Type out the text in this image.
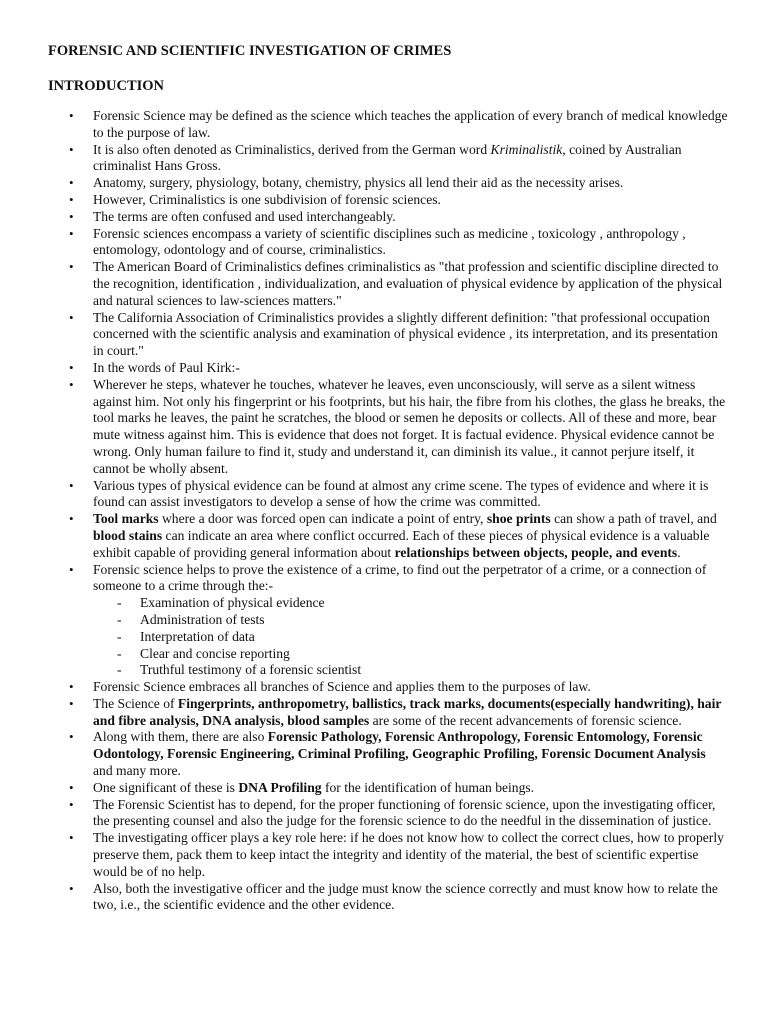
FORENSIC AND SCIENTIFIC INVESTIGATION OF CRIMES
INTRODUCTION
• Forensic Science may be defined as the science which teaches the application of every branch of medical knowledge to the purpose of law.
• It is also often denoted as Criminalistics, derived from the German word Kriminalistik, coined by Australian criminalist Hans Gross.
• Anatomy, surgery, physiology, botany, chemistry, physics all lend their aid as the necessity arises.
• However, Criminalistics is one subdivision of forensic sciences.
• The terms are often confused and used interchangeably.
• Forensic sciences encompass a variety of scientific disciplines such as medicine , toxicology , anthropology , entomology, odontology and of course, criminalistics.
• The American Board of Criminalistics defines criminalistics as "that profession and scientific discipline directed to the recognition, identification , individualization, and evaluation of physical evidence by application of the physical and natural sciences to law-sciences matters."
• The California Association of Criminalistics provides a slightly different definition: "that professional occupation concerned with the scientific analysis and examination of physical evidence , its interpretation, and its presentation in court."
• In the words of Paul Kirk:-
• Wherever he steps, whatever he touches, whatever he leaves, even unconsciously, will serve as a silent witness against him. Not only his fingerprint or his footprints, but his hair, the fibre from his clothes, the glass he breaks, the tool marks he leaves, the paint he scratches, the blood or semen he deposits or collects. All of these and more, bear mute witness against him. This is evidence that does not forget. It is factual evidence. Physical evidence cannot be wrong. Only human failure to find it, study and understand it, can diminish its value., it cannot perjure itself, it cannot be wholly absent.
• Various types of physical evidence can be found at almost any crime scene. The types of evidence and where it is found can assist investigators to develop a sense of how the crime was committed.
• Tool marks where a door was forced open can indicate a point of entry, shoe prints can show a path of travel, and blood stains can indicate an area where conflict occurred. Each of these pieces of physical evidence is a valuable exhibit capable of providing general information about relationships between objects, people, and events.
• Forensic science helps to prove the existence of a crime, to find out the perpetrator of a crime, or a connection of someone to a crime through the:-
- Examination of physical evidence
- Administration of tests
- Interpretation of data
- Clear and concise reporting
- Truthful testimony of a forensic scientist
• Forensic Science embraces all branches of Science and applies them to the purposes of law.
• The Science of Fingerprints, anthropometry, ballistics, track marks, documents(especially handwriting), hair and fibre analysis, DNA analysis, blood samples are some of the recent advancements of forensic science.
• Along with them, there are also Forensic Pathology, Forensic Anthropology, Forensic Entomology, Forensic Odontology, Forensic Engineering, Criminal Profiling, Geographic Profiling, Forensic Document Analysis and many more.
• One significant of these is DNA Profiling for the identification of human beings.
• The Forensic Scientist has to depend, for the proper functioning of forensic science, upon the investigating officer, the presenting counsel and also the judge for the forensic science to do the needful in the dissemination of justice.
• The investigating officer plays a key role here: if he does not know how to collect the correct clues, how to properly preserve them, pack them to keep intact the integrity and identity of the material, the best of scientific expertise would be of no help.
• Also, both the investigative officer and the judge must know the science correctly and must know how to relate the two, i.e., the scientific evidence and the other evidence.
